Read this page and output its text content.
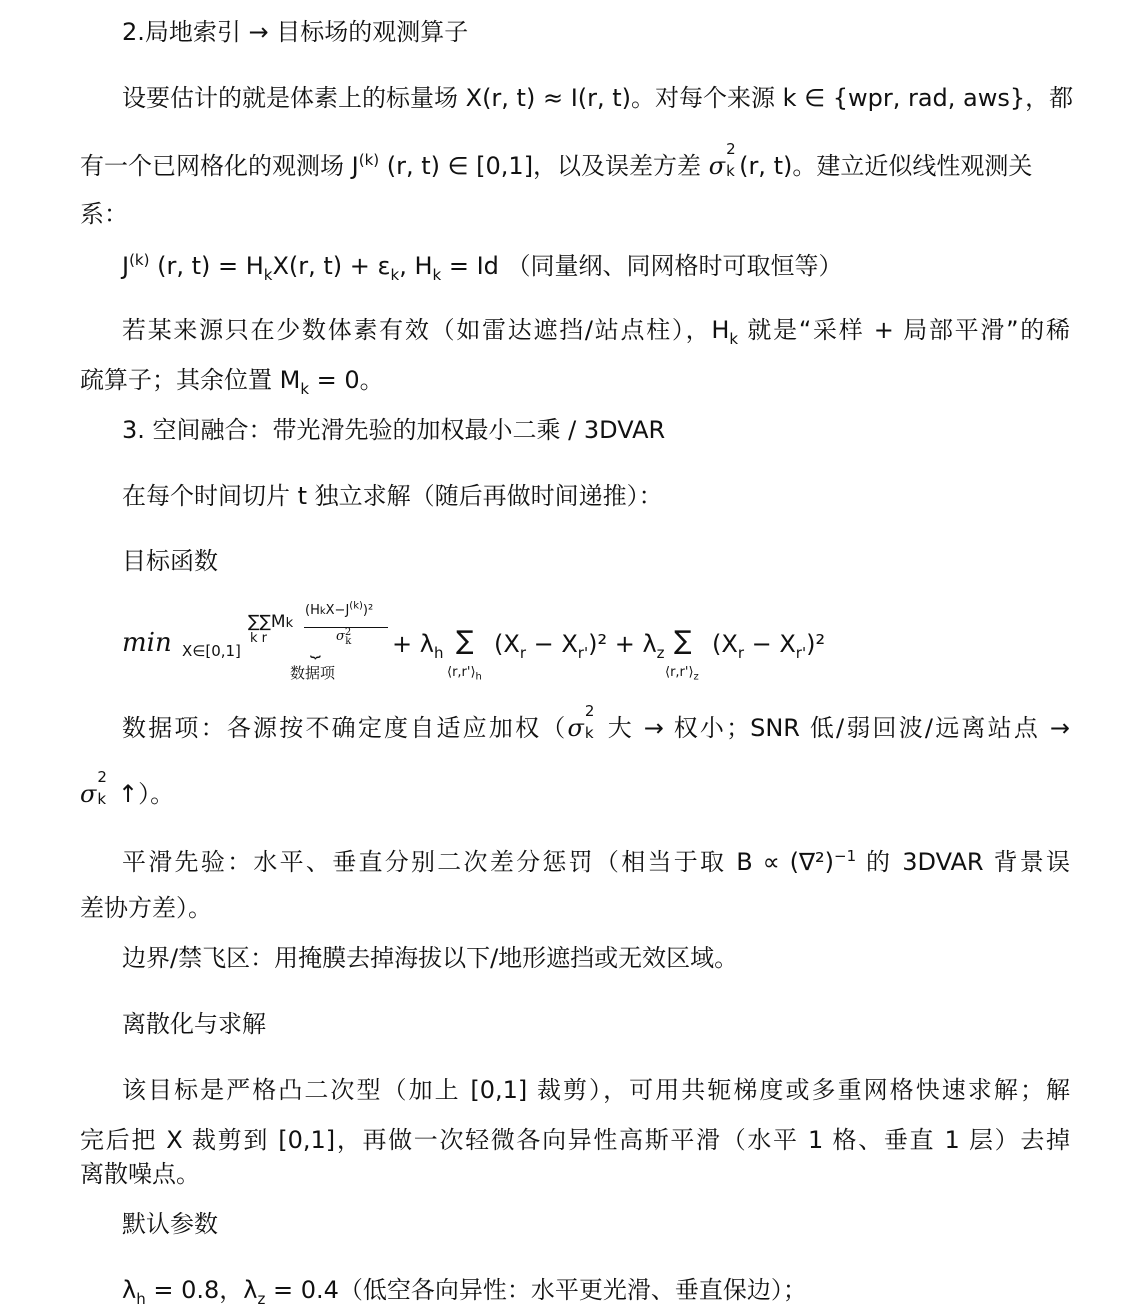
2.局地索引 → 目标场的观测算子
设要估计的就是体素上的标量场 X(r, t) ≈ I(r, t)。对每个来源 k ∈ {wpr, rad, aws}，都
有一个已网格化的观测场 $J^{(k)}$ (r, t) ∈ [0,1]，以及误差方差 σ
2
k (r, t)。建立近似线性观测关
系：
$J^{(k)}$ (r, $t) = H_kX(r$, $t) + \varepsilon_k$, $H_k = Id$ （同量纲、同网格时可取恒等）
若某来源只在少数体素有效（如雷达遮挡/站点柱），$H_k$ 就是“采样 + 局部平滑”的稀
疏算子；其余位置 $M_k = 0$。
3. 空间融合：带光滑先验的加权最小二乘 / 3DVAR
在每个时间切片 t 独立求解（随后再做时间递推）：
目标函数
min X∈[0,1]
∑∑Mk
k r
$(HkX-J^{(k)})^2$
$\sigma^2_k$
⏟
数据项
+ $\lambda_h$ ∑
$⟨r,r'⟩_h$
$(X_r - X_{r'})^2 + \lambda_z$ ∑
$⟨r,r'⟩_z$
$(X_r - X_{r'})^2$
数据项：各源按不确定度自适应加权（σ
2
k 大 → 权小；SNR 低/弱回波/远离站点 →
σ
2
k ↑）。
平滑先验：水平、垂直分别二次差分惩罚（相当于取 $B \propto (\nabla^2)^{-1}$ 的 3DVAR 背景误
差协方差）。
边界/禁飞区：用掩膜去掉海拔以下/地形遮挡或无效区域。
离散化与求解
该目标是严格凸二次型（加上 [0,1] 裁剪），可用共轭梯度或多重网格快速求解；解
完后把 X 裁剪到 [0,1]，再做一次轻微各向异性高斯平滑（水平 1 格、垂直 1 层）去掉
离散噪点。
默认参数
$\lambda_h = 0.8$，$\lambda_z = 0.4$（低空各向异性：水平更光滑、垂直保边）；
